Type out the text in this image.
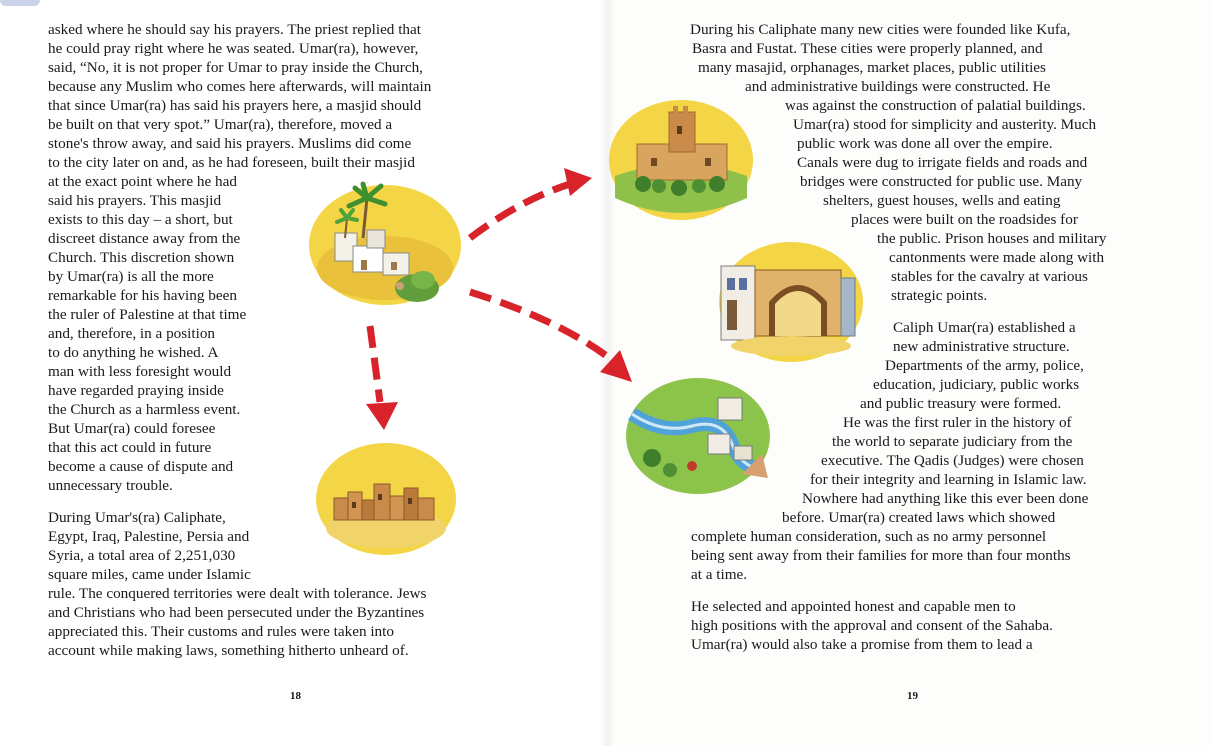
asked where he should say his prayers. The priest replied that
he could pray right where he was seated. Umar(ra), however,
said, “No, it is not proper for Umar to pray inside the Church,
because any Muslim who comes here afterwards, will maintain
that since Umar(ra) has said his prayers here, a masjid should
be built on that very spot.” Umar(ra), therefore, moved a
stone's throw away, and said his prayers. Muslims did come
to the city later on and, as he had foreseen, built their masjid
at the exact point where he had
said his prayers. This masjid
exists to this day – a short, but
discreet distance away from the
Church. This discretion shown
by Umar(ra) is all the more
remarkable for his having been
the ruler of Palestine at that time
and, therefore, in a position
to do anything he wished. A
man with less foresight would
have regarded praying inside
the Church as a harmless event.
But Umar(ra) could foresee
that this act could in future
become a cause of dispute and
unnecessary trouble.
During Umar's(ra) Caliphate,
Egypt, Iraq, Palestine, Persia and
Syria, a total area of 2,251,030
square miles, came under Islamic
rule. The conquered territories were dealt with tolerance. Jews
and Christians who had been persecuted under the Byzantines
appreciated this. Their customs and rules were taken into
account while making laws, something hitherto unheard of.
18
During his Caliphate many new cities were founded like Kufa,
Basra and Fustat. These cities were properly planned, and
many masajid, orphanages, market places, public utilities
and administrative buildings were constructed. He
was against the construction of palatial buildings.
Umar(ra) stood for simplicity and austerity. Much
public work was done all over the empire.
Canals were dug to irrigate fields and roads and
bridges were constructed for public use. Many
shelters, guest houses, wells and eating
places were built on the roadsides for
the public. Prison houses and military
cantonments were made along with
stables for the cavalry at various
strategic points.
Caliph Umar(ra) established a
new administrative structure.
Departments of the army, police,
education, judiciary, public works
and public treasury were formed.
He was the first ruler in the history of
the world to separate judiciary from the
executive. The Qadis (Judges) were chosen
for their integrity and learning in Islamic law.
Nowhere had anything like this ever been done
before. Umar(ra) created laws which showed
complete human consideration, such as no army personnel
being sent away from their families for more than four months
at a time.
He selected and appointed honest and capable men to
high positions with the approval and consent of the Sahaba.
Umar(ra) would also take a promise from them to lead a
19
